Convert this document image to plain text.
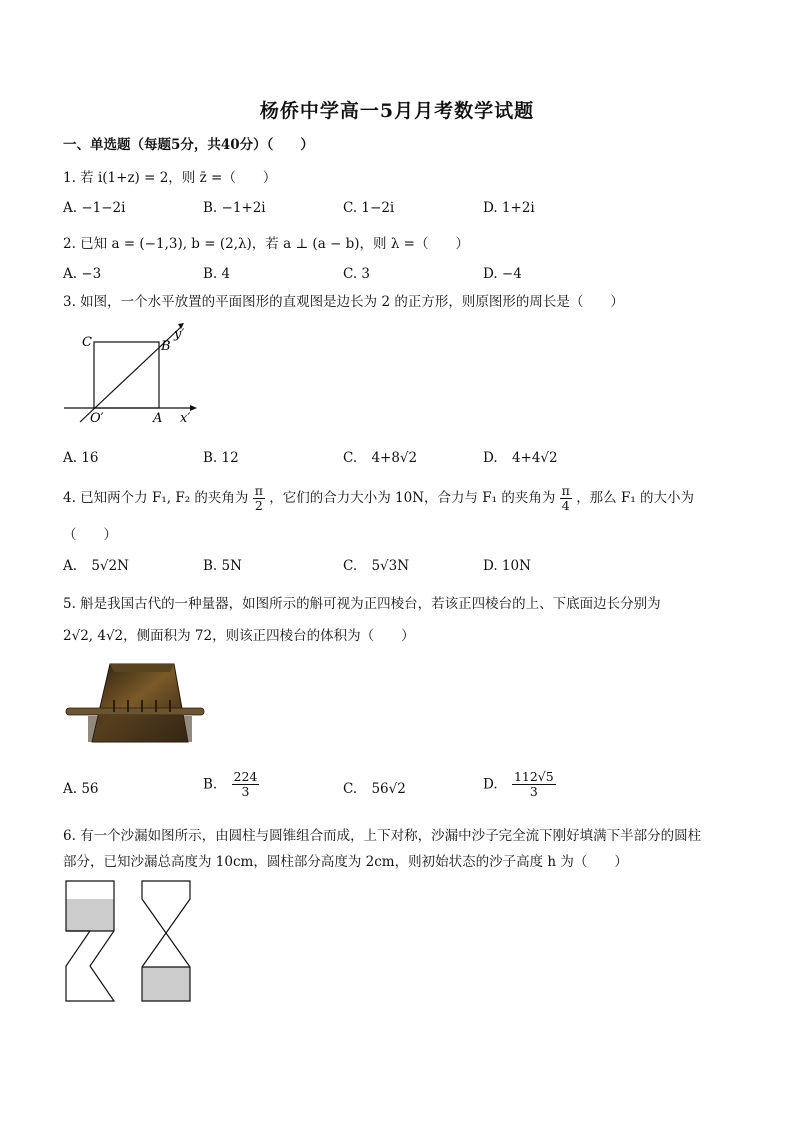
杨侨中学高一5月月考数学试题
一、单选题（每题5分，共40分）（　　）
1. 若 i(1+z) = 2，则 z̄ =（　　）
A. −1−2i	B. −1+2i	C. 1−2i	D. 1+2i
2. 已知 a = (−1,3), b = (2,λ)，若 a ⊥ (a − b)，则 λ =（　　）
A. −3	B. 4	C. 3	D. −4
3. 如图，一个水平放置的平面图形的直观图是边长为 2 的正方形，则原图形的周长是（　　）
C	B
O′	A x′
y′
A. 16	B. 12	C. 4+8√2	D. 4+4√2
4. 已知两个力 F₁, F₂ 的夹角为 $\frac{\pi}{2}$ ，它们的合力大小为 10N，合力与 F₁ 的夹角为 $\frac{\pi}{4}$ ，那么 F₁ 的大小为
（　　）
A. 5√2N	B. 5N	C. 5√3N	D. 10N
5. 斛是我国古代的一种量器，如图所示的斛可视为正四棱台，若该正四棱台的上、下底面边长分别为
2√2, 4√2，侧面积为 72，则该正四棱台的体积为（　　）
A. 56	B. $\frac{224}{3}$	C. 56√2	D. $\frac{112√5}{3}$
6. 有一个沙漏如图所示，由圆柱与圆锥组合而成，上下对称，沙漏中沙子完全流下刚好填满下半部分的圆柱
部分，已知沙漏总高度为 10cm，圆柱部分高度为 2cm，则初始状态的沙子高度 h 为（　　）
